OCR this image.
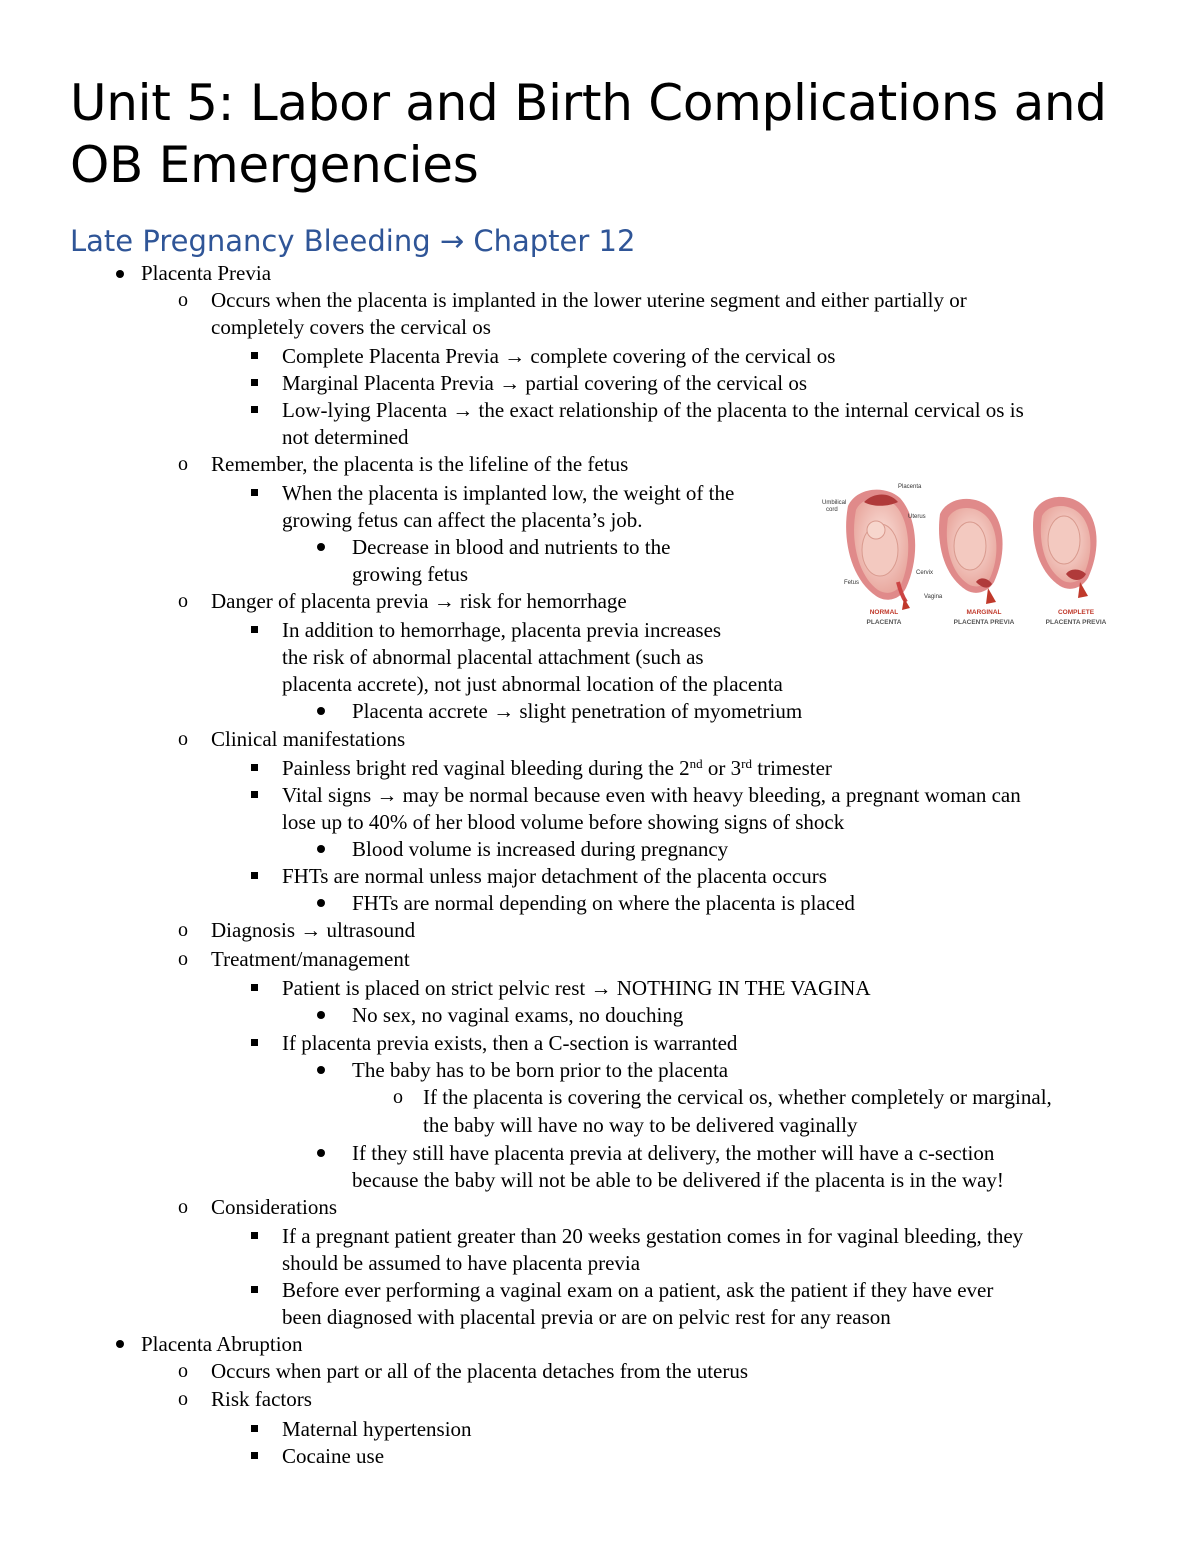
Unit 5: Labor and Birth Complications and OB Emergencies
Late Pregnancy Bleeding → Chapter 12

Placenta Previa

o Occurs when the placenta is implanted in the lower uterine segment and either partially or

completely covers the cervical os

Complete Placenta Previa → complete covering of the cervical os

Marginal Placenta Previa → partial covering of the cervical os

Low-lying Placenta → the exact relationship of the placenta to the internal cervical os is

not determined

o Remember, the placenta is the lifeline of the fetus

When the placenta is implanted low, the weight of the

growing fetus can affect the placenta’s job.

Decrease in blood and nutrients to the

growing fetus

o Danger of placenta previa → risk for hemorrhage

In addition to hemorrhage, placenta previa increases

the risk of abnormal placental attachment (such as

placenta accrete), not just abnormal location of the placenta

Placenta accrete → slight penetration of myometrium

o Clinical manifestations

Painless bright red vaginal bleeding during the 2nd or 3rd trimester

Vital signs → may be normal because even with heavy bleeding, a pregnant woman can

lose up to 40% of her blood volume before showing signs of shock

Blood volume is increased during pregnancy

FHTs are normal unless major detachment of the placenta occurs

FHTs are normal depending on where the placenta is placed

o Diagnosis → ultrasound

o Treatment/management

Patient is placed on strict pelvic rest → NOTHING IN THE VAGINA

No sex, no vaginal exams, no douching

If placenta previa exists, then a C-section is warranted

The baby has to be born prior to the placenta

o If the placenta is covering the cervical os, whether completely or marginal,

the baby will have no way to be delivered vaginally

If they still have placenta previa at delivery, the mother will have a c-section

because the baby will not be able to be delivered if the placenta is in the way!

o Considerations

If a pregnant patient greater than 20 weeks gestation comes in for vaginal bleeding, they

should be assumed to have placenta previa

Before ever performing a vaginal exam on a patient, ask the patient if they have ever

been diagnosed with placental previa or are on pelvic rest for any reason

Placenta Abruption

o Occurs when part or all of the placenta detaches from the uterus

o Risk factors

Maternal hypertension

Cocaine use

Umbilical
cord
Placenta
Uterus
Cervix
Vagina
Fetus
NORMAL
PLACENTA
MARGINAL
PLACENTA PREVIA
COMPLETE
PLACENTA PREVIA
